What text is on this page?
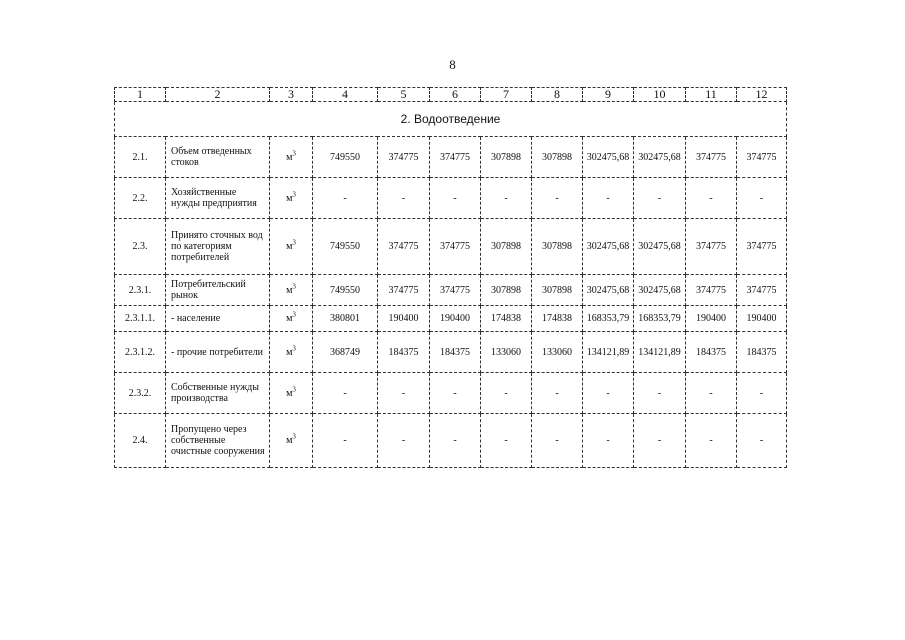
8
1	2	3	4	5	6	7	8	9	10	11	12
2. Водоотведение											
2.1.	Объем отведенных стоков	$м^3$	749550	374775	374775	307898	307898	302475,68	302475,68	374775	374775
2.2.	Хозяйственные нужды предприятия	$м^3$	-	-	-	-	-	-	-	-	-
2.3.	Принято сточных вод по категориям потребителей	$м^3$	749550	374775	374775	307898	307898	302475,68	302475,68	374775	374775
2.3.1.	Потребительский рынок	$м^3$	749550	374775	374775	307898	307898	302475,68	302475,68	374775	374775
2.3.1.1.	- население	$м^3$	380801	190400	190400	174838	174838	168353,79	168353,79	190400	190400
2.3.1.2.	- прочие потребители	$м^3$	368749	184375	184375	133060	133060	134121,89	134121,89	184375	184375
2.3.2.	Собственные нужды производства	$м^3$	-	-	-	-	-	-	-	-	-
2.4.	Пропущено через собственные очистные сооружения	$м^3$	-	-	-	-	-	-	-	-	-
